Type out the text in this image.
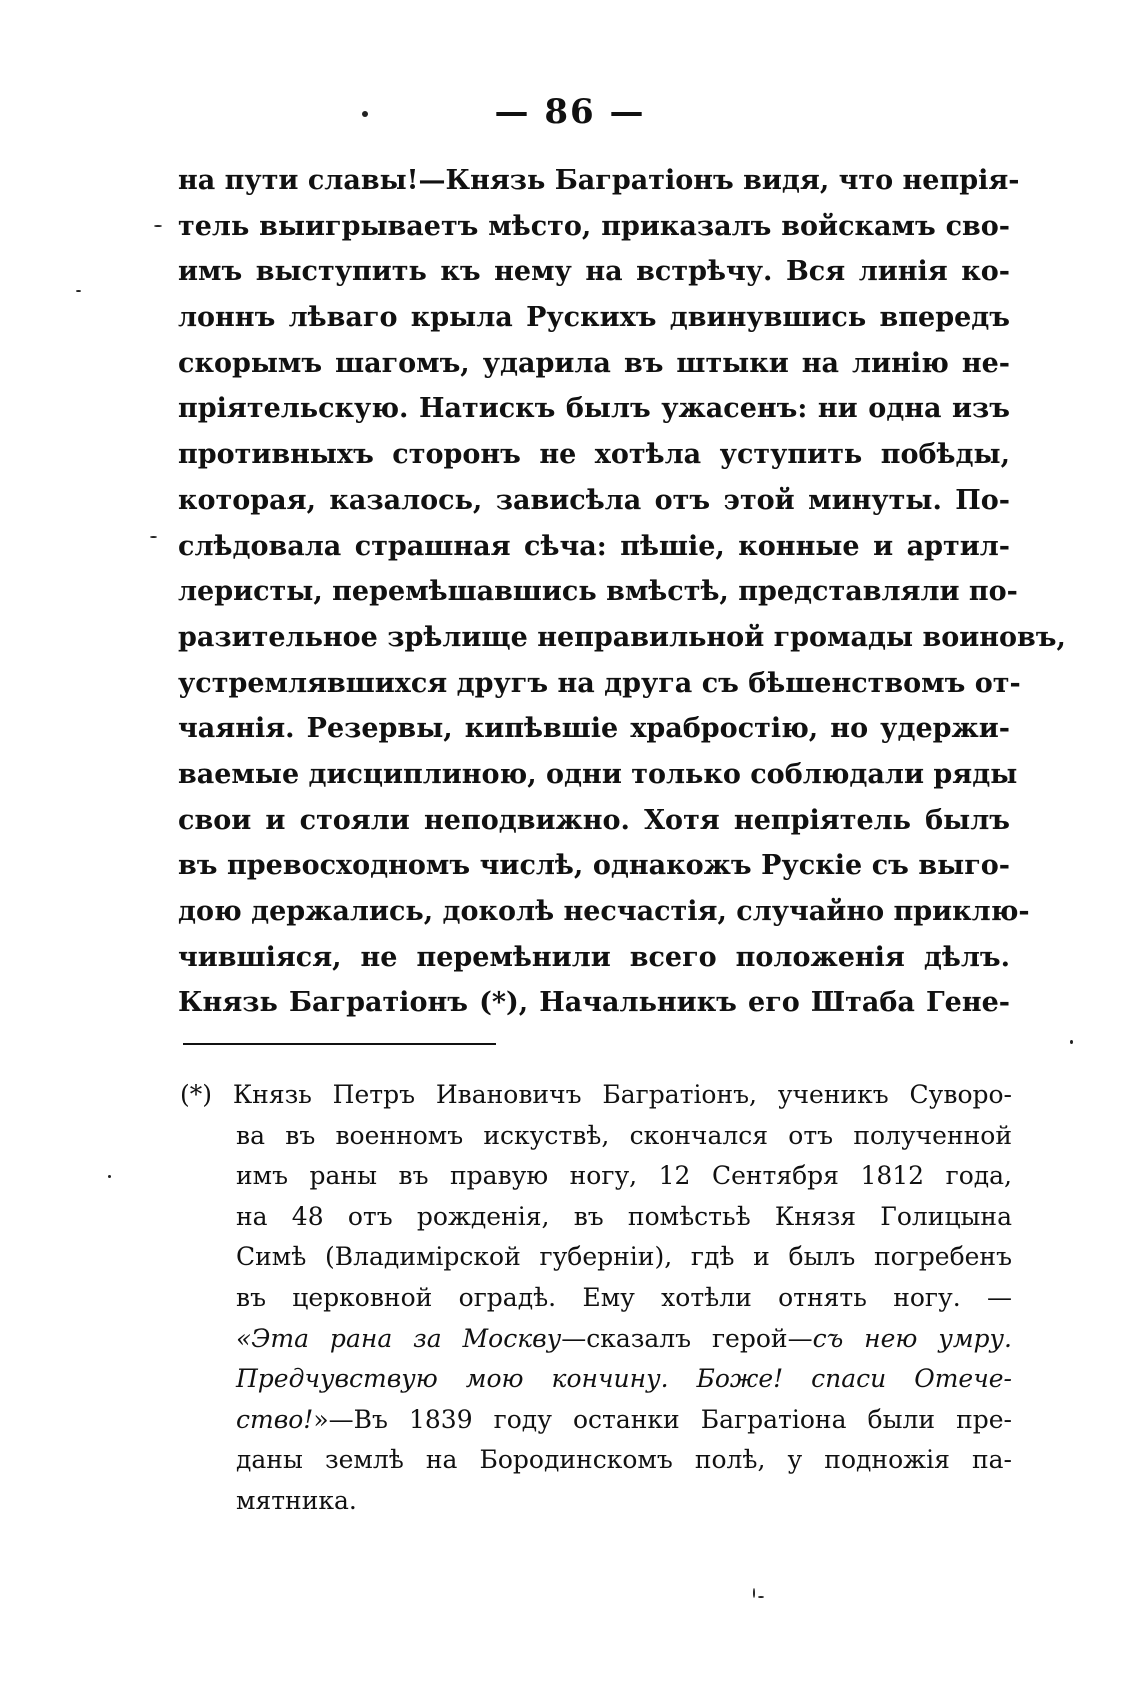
— 86 —
на пути славы!—Князь Багратіонъ видя, что непрія-
тель выигрываетъ мѣсто, приказалъ войскамъ сво-
имъ выступить къ нему на встрѣчу. Вся линія ко-
лоннъ лѣваго крыла Рускихъ двинувшись впередъ
скорымъ шагомъ, ударила въ штыки на линію не-
пріятельскую. Натискъ былъ ужасенъ: ни одна изъ
противныхъ сторонъ не хотѣла уступить побѣды,
которая, казалось, зависѣла отъ этой минуты. По-
слѣдовала страшная сѣча: пѣшіе, конные и артил-
леристы, перемѣшавшись вмѣстѣ, представляли по-
разительное зрѣлище неправильной громады воиновъ,
устремлявшихся другъ на друга съ бѣшенствомъ от-
чаянія. Резервы, кипѣвшіе храбростію, но удержи-
ваемые дисциплиною, одни только соблюдали ряды
свои и стояли неподвижно. Хотя непріятель былъ
въ превосходномъ числѣ, однакожъ Рускіе съ выго-
дою держались, доколѣ несчастія, случайно приклю-
чившіяся, не перемѣнили всего положенія дѣлъ.
Князь Багратіонъ (*), Начальникъ его Штаба Гене-
(*) Князь Петръ Ивановичъ Багратіонъ, ученикъ Суворо-
ва въ военномъ искуствѣ, скончался отъ полученной
имъ раны въ правую ногу, 12 Сентября 1812 года,
на 48 отъ рожденія, въ помѣстьѣ Князя Голицына
Симѣ (Владимірской губерніи), гдѣ и былъ погребенъ
въ церковной оградѣ. Ему хотѣли отнять ногу. —
«Эта рана за Москву—сказалъ герой—съ нею умру.
Предчувствую мою кончину. Боже! спаси Отече-
ство!»—Въ 1839 году останки Багратіона были пре-
даны землѣ на Бородинскомъ полѣ, у подножія па-
мятника.
